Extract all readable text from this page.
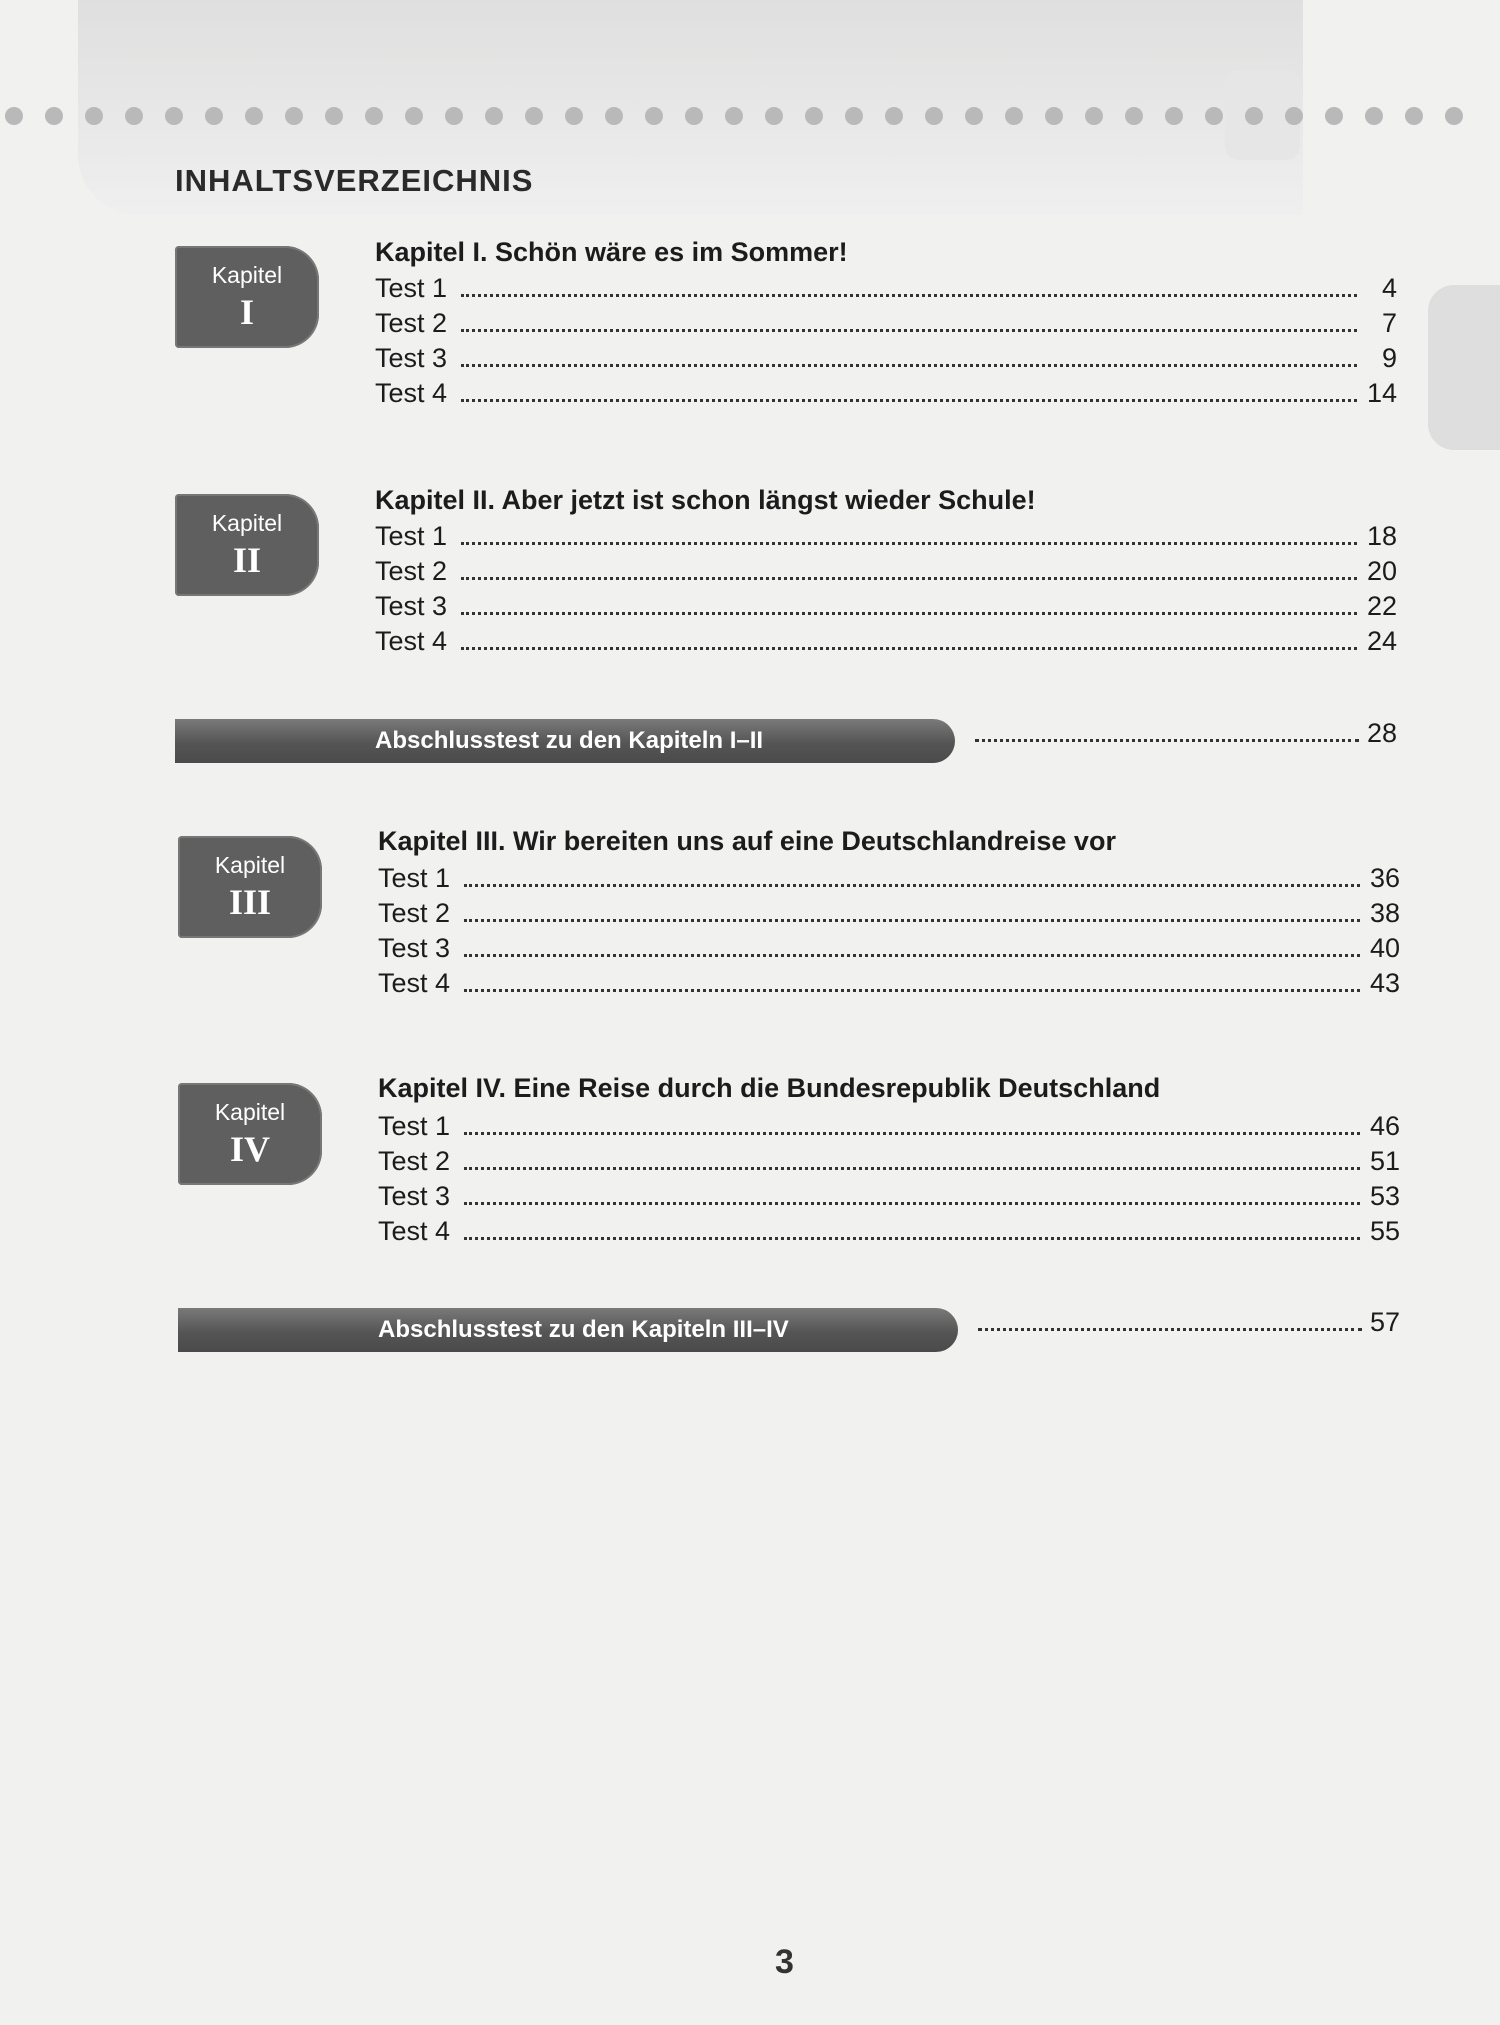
INHALTSVERZEICHNIS
Kapitel
I
Kapitel I. Schön wäre es im Sommer!
Test 1	4
Test 2	7
Test 3	9
Test 4	14
Kapitel
II
Kapitel II. Aber jetzt ist schon längst wieder Schule!
Test 1	18
Test 2	20
Test 3	22
Test 4	24
Abschlusstest zu den Kapiteln I–II	28
Kapitel
III
Kapitel III. Wir bereiten uns auf eine Deutschlandreise vor
Test 1	36
Test 2	38
Test 3	40
Test 4	43
Kapitel
IV
Kapitel IV. Eine Reise durch die Bundesrepublik Deutschland
Test 1	46
Test 2	51
Test 3	53
Test 4	55
Abschlusstest zu den Kapiteln III–IV	57
3
